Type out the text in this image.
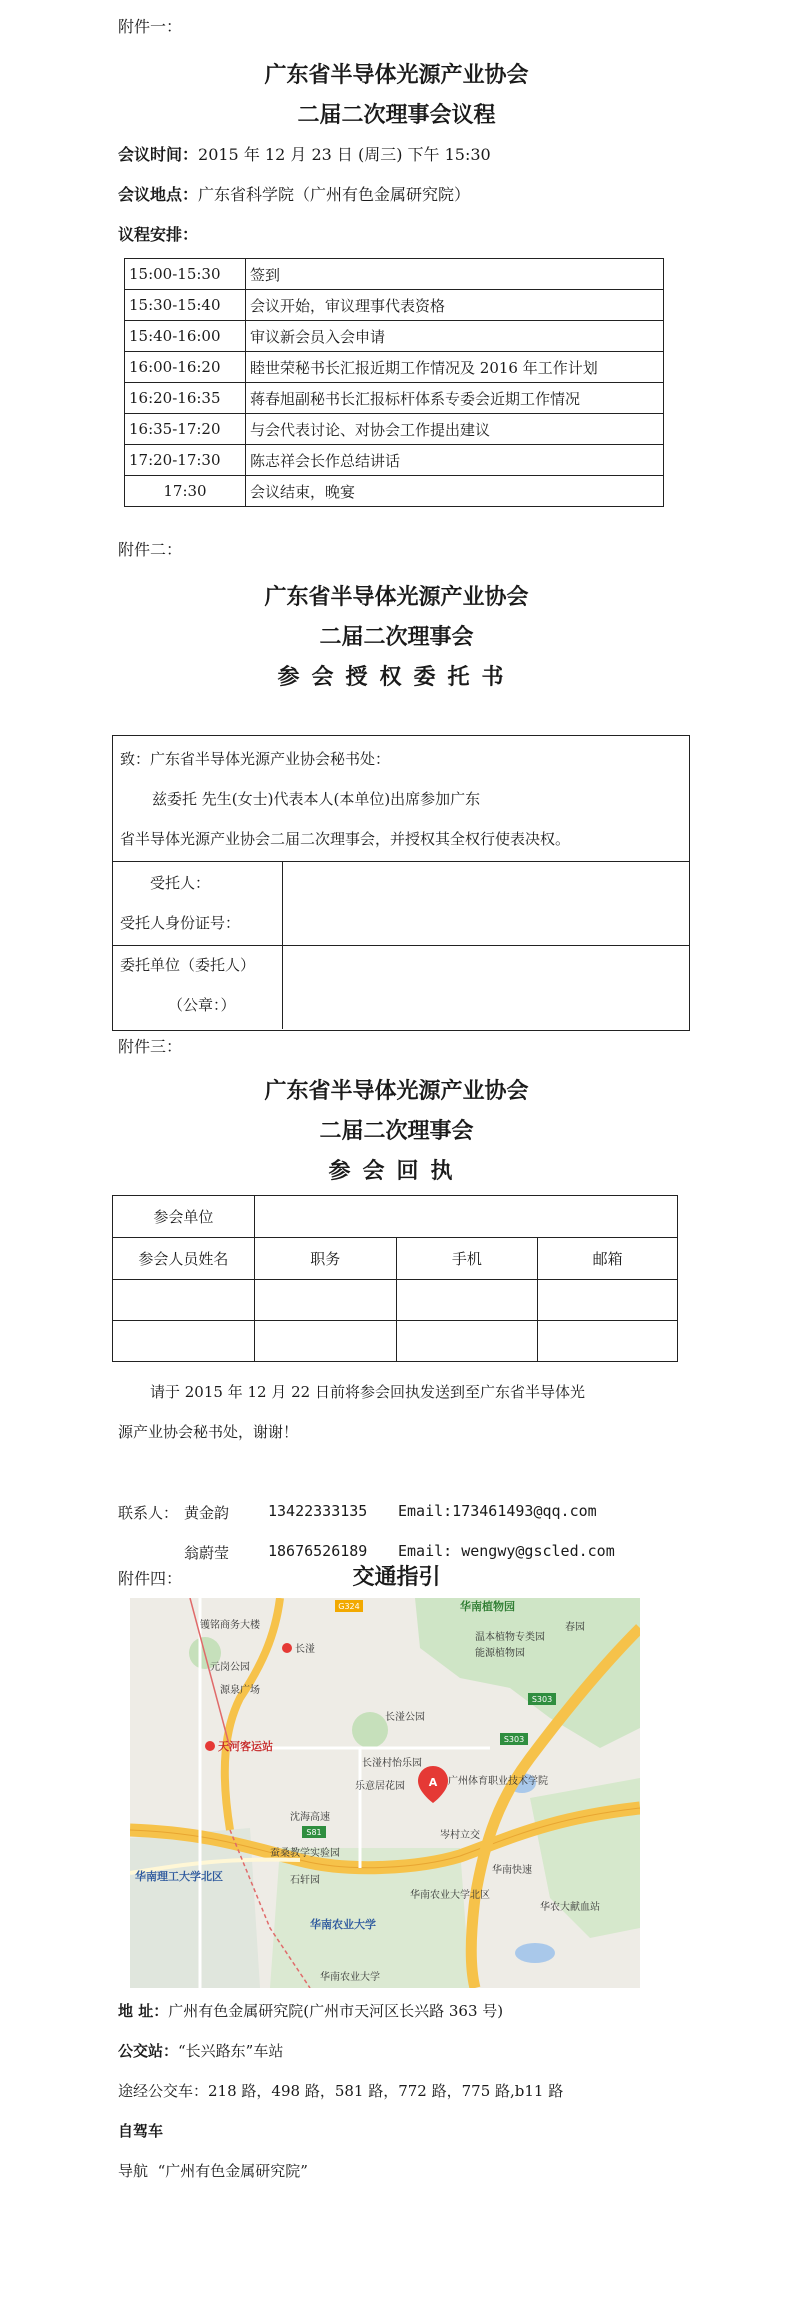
附件一：
广东省半导体光源产业协会
二届二次理事会议程
会议时间：2015 年 12 月 23 日 (周三) 下午 15:30
会议地点：广东省科学院（广州有色金属研究院）
议程安排：
15:00-15:30	签到
15:30-15:40	会议开始，审议理事代表资格
15:40-16:00	审议新会员入会申请
16:00-16:20	睦世荣秘书长汇报近期工作情况及 2016 年工作计划
16:20-16:35	蒋春旭副秘书长汇报标杆体系专委会近期工作情况
16:35-17:20	与会代表讨论、对协会工作提出建议
17:20-17:30	陈志祥会长作总结讲话
17:30	会议结束，晚宴
附件二：
广东省半导体光源产业协会
二届二次理事会
参会授权委托书
致：广东省半导体光源产业协会秘书处：
兹委托 先生(女士)代表本人(本单位)出席参加广东
省半导体光源产业协会二届二次理事会，并授权其全权行使表决权。
受托人：
受托人身份证号：
委托单位（委托人）
（公章：）
附件三：
广东省半导体光源产业协会
二届二次理事会
参会回执
参会单位			
参会人员姓名	职务	手机	邮箱

请于 2015 年 12 月 22 日前将参会回执发送到至广东省半导体光
源产业协会秘书处，谢谢！
联系人： 黄金韵	13422333135 Email:173461493@qq.com
翁蔚莹	18676526189 Email: wengwy@gscled.com
附件四：	交通指引
G324
S303
S303
S81
华南植物园
镬铭商务大楼
长湴
元岗公园
源泉广场
天河客运站
长湴公园
长湴村怡乐园
乐意居花园	广州体育职业技术学院
岑村立交
华南快速
沈海高速
华南理工大学北区
华南农业大学
华南农业大学北区
华农大献血站
石轩园
蚕桑教学实验园
能源植物园
温本植物专类园
春园
华南农业大学
A
地 址：广州有色金属研究院(广州市天河区长兴路 363 号)
公交站：“长兴路东”车站
途经公交车：218 路，498 路，581 路，772 路，775 路,b11 路
自驾车
导航 “广州有色金属研究院”
